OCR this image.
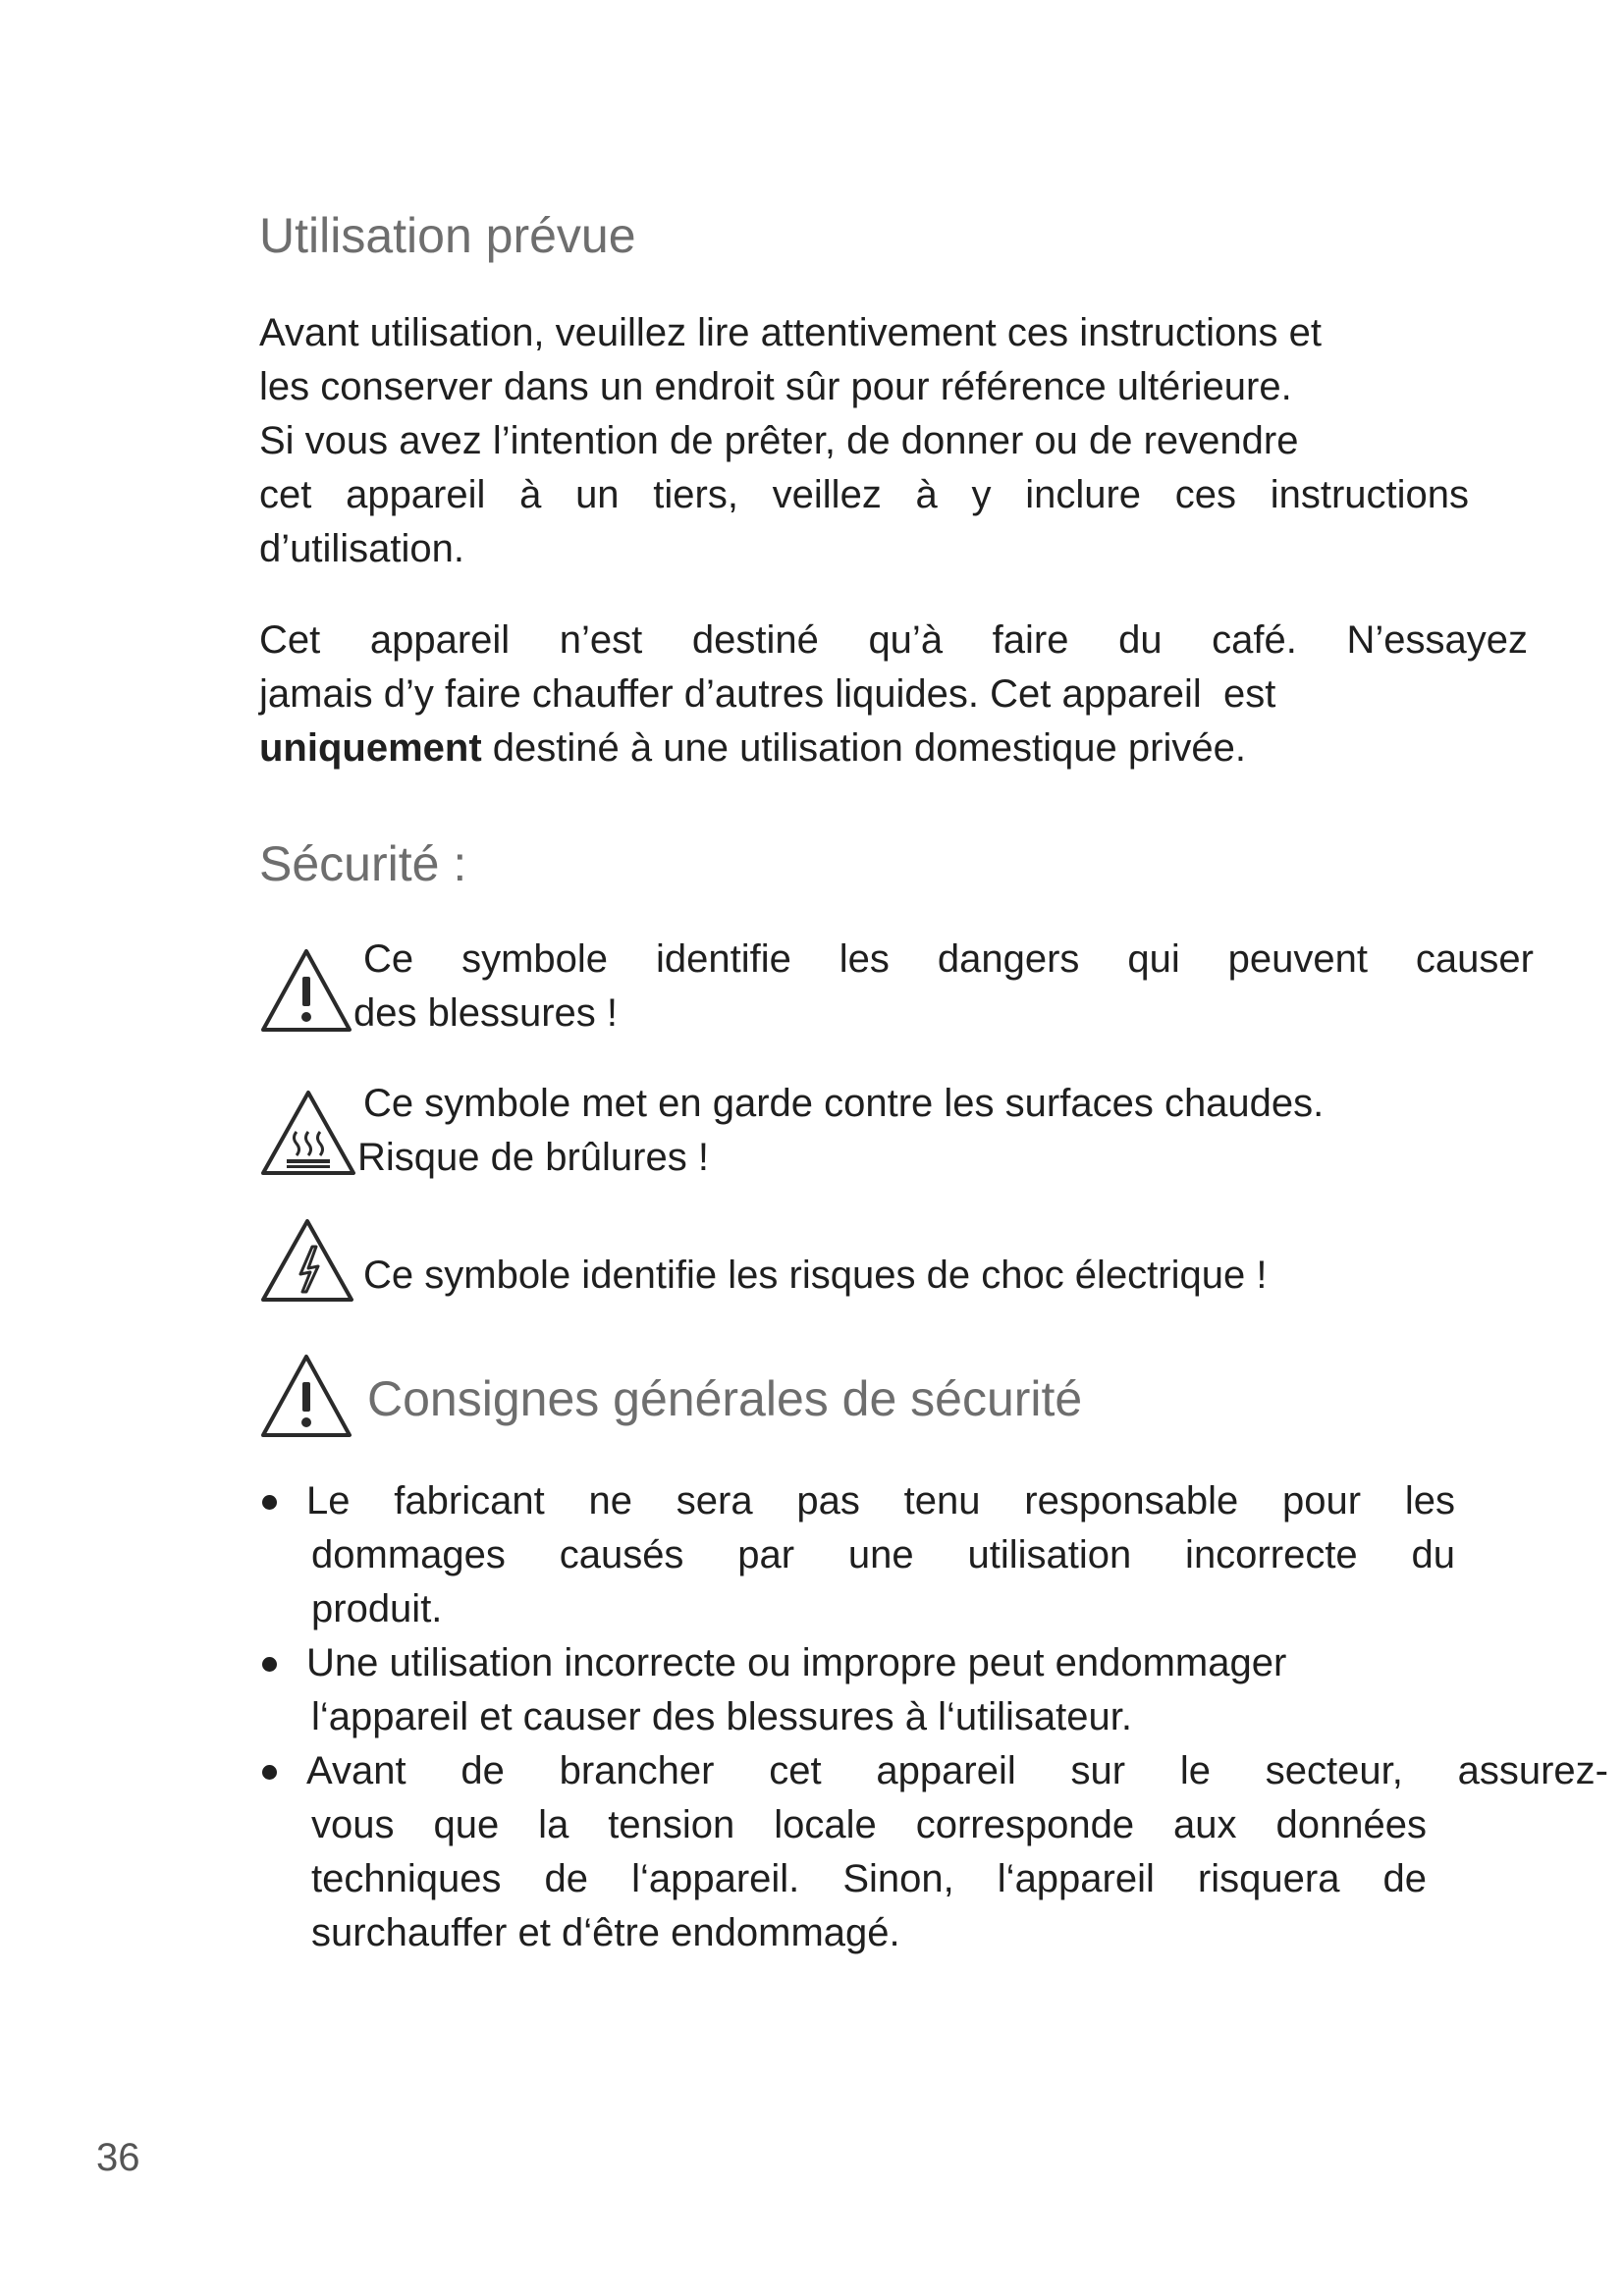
Utilisation prévue
Avant utilisation, veuillez lire attentivement ces instructions et
les conserver dans un endroit sûr pour référence ultérieure.
Si vous avez l’intention de prêter, de donner ou de revendre
cet appareil à un tiers, veillez à y inclure ces instructions
d’utilisation.
Cet appareil n’est destiné qu’à faire du café. N’essayez
jamais d’y faire chauffer d’autres liquides. Cet appareil  est
uniquement destiné à une utilisation domestique privée.
Sécurité :
Ce symbole identifie les dangers qui peuvent causer
des blessures !
Ce symbole met en garde contre les surfaces chaudes.
Risque de brûlures !
Ce symbole identifie les risques de choc électrique !
Consignes générales de sécurité
Le fabricant ne sera pas tenu responsable pour les
dommages causés par une utilisation incorrecte du
produit.
Une utilisation incorrecte ou impropre peut endommager
l‘appareil et causer des blessures à l‘utilisateur.
Avant de brancher cet appareil sur le secteur, assurez-
vous que la tension locale corresponde aux données
techniques de l‘appareil. Sinon, l‘appareil risquera de
surchauffer et d‘être endommagé.
36
